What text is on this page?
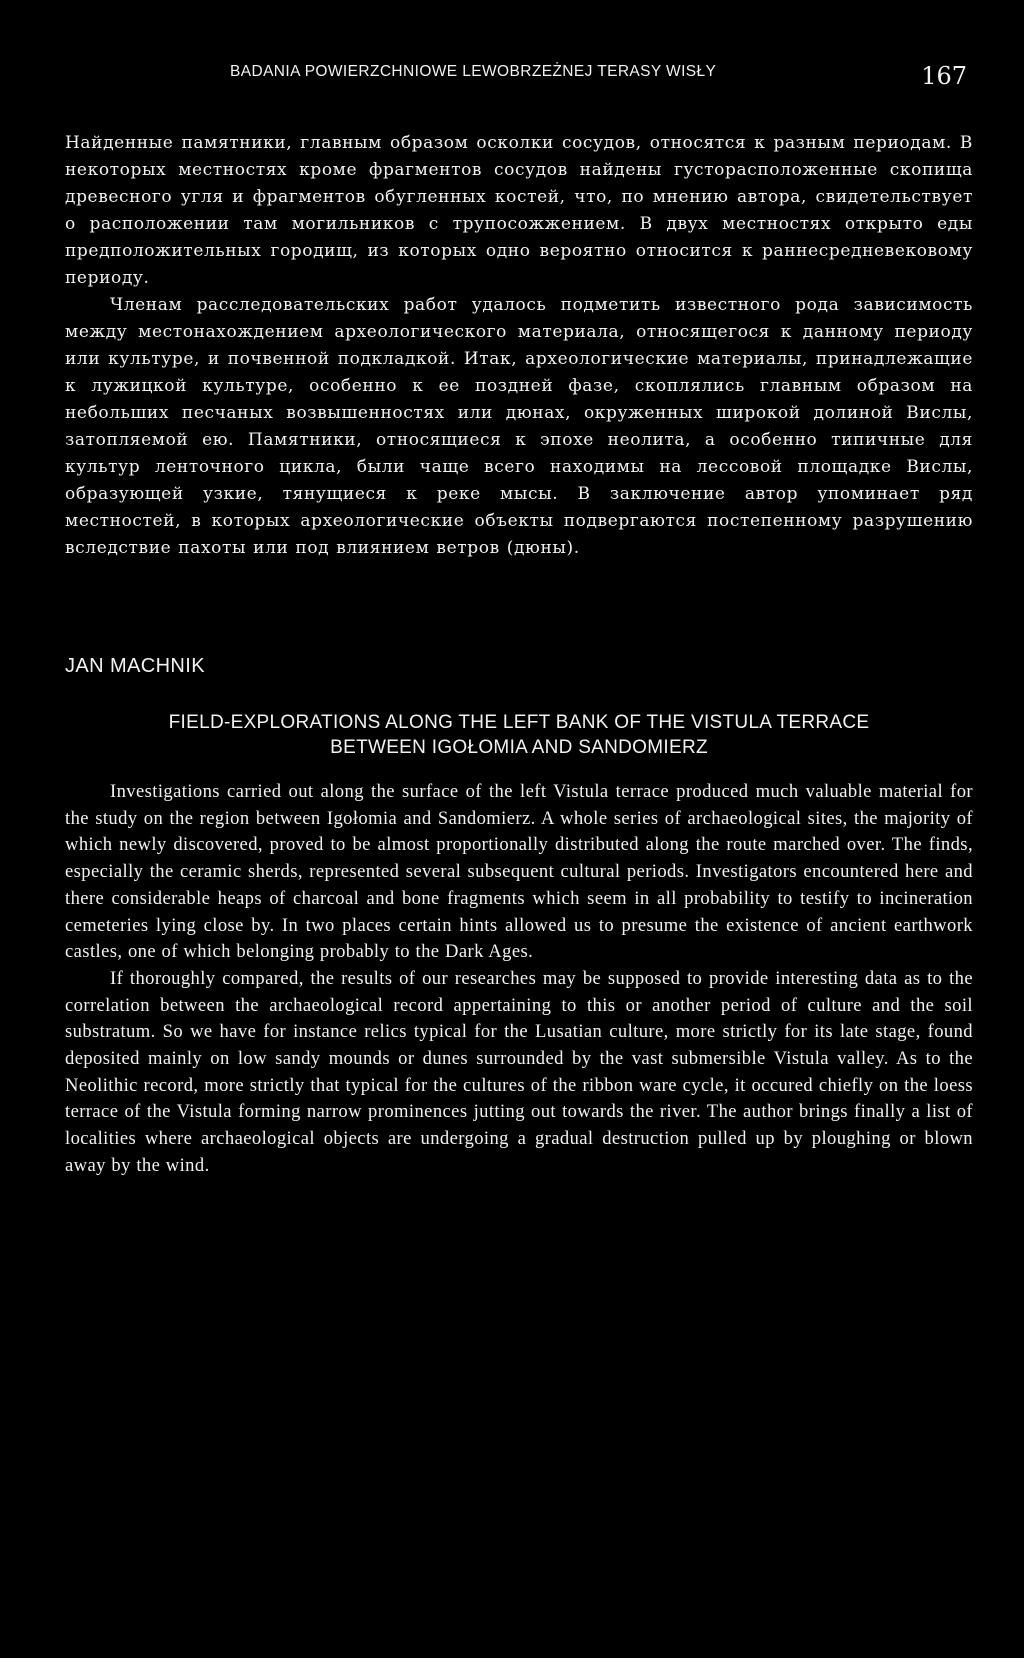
BADANIA POWIERZCHNIOWE LEWOBRZEŻNEJ TERASY WISŁY	167

Найденные памятники, главным образом осколки сосудов, относятся к разным периодам. В некоторых местностях кроме фрагментов сосудов найдены густорасположенные скопища древесного угля и фрагментов обугленных костей, что, по мнению автора, свидетельствует о расположении там могильников с трупосожжением. В двух местностях открыто еды предположительных городищ, из которых одно вероятно относится к раннесредневековому периоду.

Членам расследовательских работ удалось подметить известного рода зависимость между местонахождением археологического материала, относящегося к данному периоду или культуре, и почвенной подкладкой. Итак, археологические материалы, принадлежащие к лужицкой культуре, особенно к ее поздней фазе, скоплялись главным образом на небольших песчаных возвышенностях или дюнах, окруженных широкой долиной Вислы, затопляемой ею. Памятники, относящиеся к эпохе неолита, а особенно типичные для культур ленточного цикла, были чаще всего находимы на лессовой площадке Вислы, образующей узкие, тянущиеся к реке мысы. В заключение автор упоминает ряд местностей, в которых археологические объекты подвергаются постепенному разрушению вследствие пахоты или под влиянием ветров (дюны).

JAN MACHNIK
FIELD-EXPLORATIONS ALONG THE LEFT BANK OF THE VISTULA TERRACE
BETWEEN IGOŁOMIA AND SANDOMIERZ

Investigations carried out along the surface of the left Vistula terrace produced much valuable material for the study on the region between Igołomia and Sandomierz. A whole series of archaeological sites, the majority of which newly discovered, proved to be almost proportionally distributed along the route marched over. The finds, especially the ceramic sherds, represented several subsequent cultural periods. Investigators encountered here and there considerable heaps of charcoal and bone fragments which seem in all probability to testify to incineration cemeteries lying close by. In two places certain hints allowed us to presume the existence of ancient earthwork castles, one of which belonging probably to the Dark Ages.

If thoroughly compared, the results of our researches may be supposed to provide interesting data as to the correlation between the archaeological record appertaining to this or another period of culture and the soil substratum. So we have for instance relics typical for the Lusatian culture, more strictly for its late stage, found deposited mainly on low sandy mounds or dunes surrounded by the vast submersible Vistula valley. As to the Neolithic record, more strictly that typical for the cultures of the ribbon ware cycle, it occured chiefly on the loess terrace of the Vistula forming narrow prominences jutting out towards the river. The author brings finally a list of localities where archaeological objects are undergoing a gradual destruction pulled up by ploughing or blown away by the wind.
